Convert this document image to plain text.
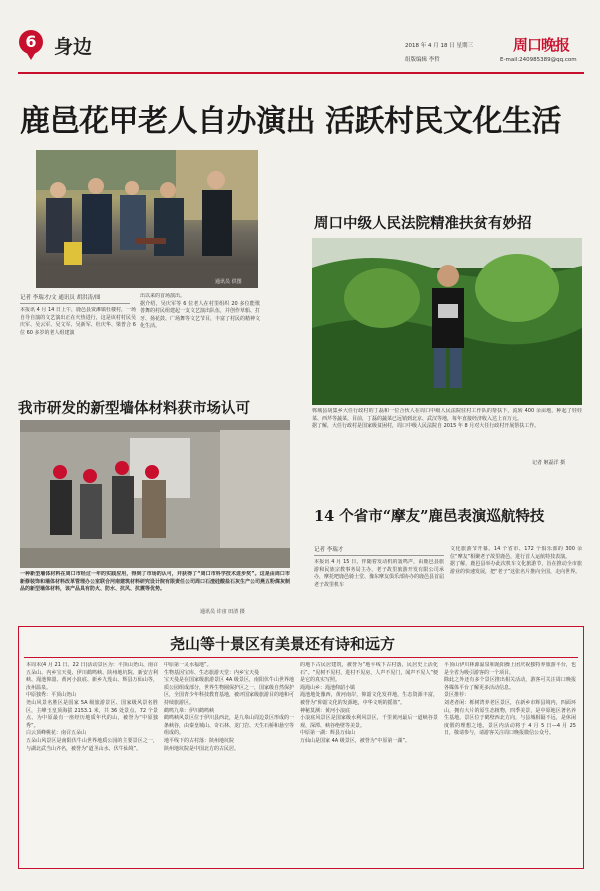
6 身边	2018 年 4 月 18 日 星期三	周口晚报
组版编辑 李哲	E-mail:240985389@qq.com
鹿邑花甲老人自办演出 活跃村民文化生活
通讯员 供图
记者 李瑞才/文 通讯员 胡洪涛/图
本报讯 4 月 14 日上午，鹿邑县贾滩镇杜楼村，一场自导自演的文艺演出正在火热进行，这是该村村民吴庆军、吴云军、吴文军、吴新军、杜庆华、梁普合 6 位 60 多岁的老人组建演
出以来的首场演出。
据介绍，吴庆军等 6 位老人在村里组织 20 多位能歌善舞的村民组建起一支文艺演出队伍，并创作草船、打牙、扬花鼓、广场舞等文艺节目，丰富了村民的精神文化生活。
周口中级人民法院精准扶贫有妙招
郸城县胡集乡大任行政村的丁磊和一位合伙人在周口中级人民法院驻村工作队的帮扶下，流转 400 余亩地，种起了娃娃菜、西芹等蔬菜。目前，丁磊的蔬菜已远销到北京、武汉等地，每年直接经济收入达上百万元。
据了解，大任行政村是国家级贫困村，周口中级人民法院自 2015 年 8 月对大任行政村开展帮扶工作。
记者 姬磊洋 摄
我市研发的新型墙体材料获市场认可
一种新型墙体材料在周口市经过一年的实践应用，得到了市场的认可，并获得了“周口市科学技术进步奖”。这是由周口市新修装饰和墙体材料改革管理办公室联合河南建筑材料研究设计院有限责任公司周口石渣硅酸盐石灰生产公司燕五粉煤灰制品的新型墙体材料，该产品具有防火、防水、抗风、抗震等优势。
通讯员 许宙 田清 摄
14 个省市“摩友”鹿邑表演巡航特技
记者 李瑞才
本报讯 4 月 15 日，伴随着发动机的轰鸣声，由鹿邑县旅游和民族宗教事务局主办，老子故里旅游开发有限公司承办，摩托吧鹿邑骑士堂、豫东摩友俱乐部协办的鹿邑县首届老子故里机车
文化旅游节开幕。14 个省市、172 个俱乐部的 300 余位“摩友”相聚老子故里鹿邑，进行首人运航特技表演。
据了解，鹿邑县举办此次机车文化旅游节，旨在推动全市旅游业的快速发展，把“老子”这张名片推向全国，走向世界。
尧山等十景区有美景还有诗和远方
本周末(4 月 21 日、22 日)活动景区为：平顶山尧山、南召五朵山、内乡宝天曼、伊川鹤鸣峡、陕州地坑院、新安吉利峡、渑池仰韶、黄河小浪底、新乡九莲山、辉县万仙山等，汝州温泉。
中原独秀：平顶山尧山
尧山风景名胜区是国家 5A 级旅游景区、国家级风景名胜区，主峰玉皇顶海拔 2153.1 米，共 36 处景点、72 个景点、为中原最有一座经历地质年代的山，被誉为“中原独秀”。
白云顶峰桃花：南召五朵山
五朵山风景区是南阳伏牛山世界地质公园的主要景区之一，与湖北武当山齐名，被誉为“道圣山水、伏牛仙境”。
中原第一灵水福地”。
生物基因宝库、生态旅游天堂：内乡宝天曼
宝天曼是在国家级旅游景区 4A 级景区，南阳伏牛山世界地质公园组成部分，世界生物圈保护区之一，国家级自然保护区，全国青少年科技教育基地，被评国家级旅游目的地和可持续旅游区。
鹤鸣九皋：伊川鹤鸣峡
鹤鸣峡风景区位于伊川县西北，是九皋山周边景区形成的一条峡谷，由秦皇城山、奇石林、龙门岩、天生石桥和悬空等组成的。
地平线下的古村落：陕州地坑院
陕州地坑院是中国北方的古民居。
的地下古民居建筑，被誉为“地平线下古村落，民居史上活化石”。“见树不见村，进村不见房，人声不见门，闻声不见人”便是它的真实写照。
渑渑山乡：渑池仰韶小镇
渑池地处豫西，黄河南岸，仰韶文化发祥地，生态资源丰富，被誉为“仰韶文化的发源地，中华文明的摇篮”。
神秘莫测：黄河小浪底
小浪底风景区是国家级水利风景区，千里黄河最后一道峡谷景观、深潭、峡谷绝壁等美景。
中原第一湖：辉县万仙山
万仙山是国家 4A 级景区，被誉为“中原第一湖”。
平顶山伊川林源温泉和渑阳操上团庆祝独特养旅游平台，也是全省为吸引游客的一个项目。
除此之外还有多个景区推出相关活动，游客可关注周口晚报各媒体平台了解更多活动信息。
景区推荐：
刘老者闲：栎树湾养老区景区，在新乡市辉县境内，四面环山，拥有大片的原生态植物，四季美景，是中原地区著名养生基地。景区位于鹤壁西北方向，与县城相隔不远，是休闲度假的理想之地。景区内活动将于 4 月 5 日—4 月 25 日，敬请参与，请游客关注周口晚报微信公众号。
